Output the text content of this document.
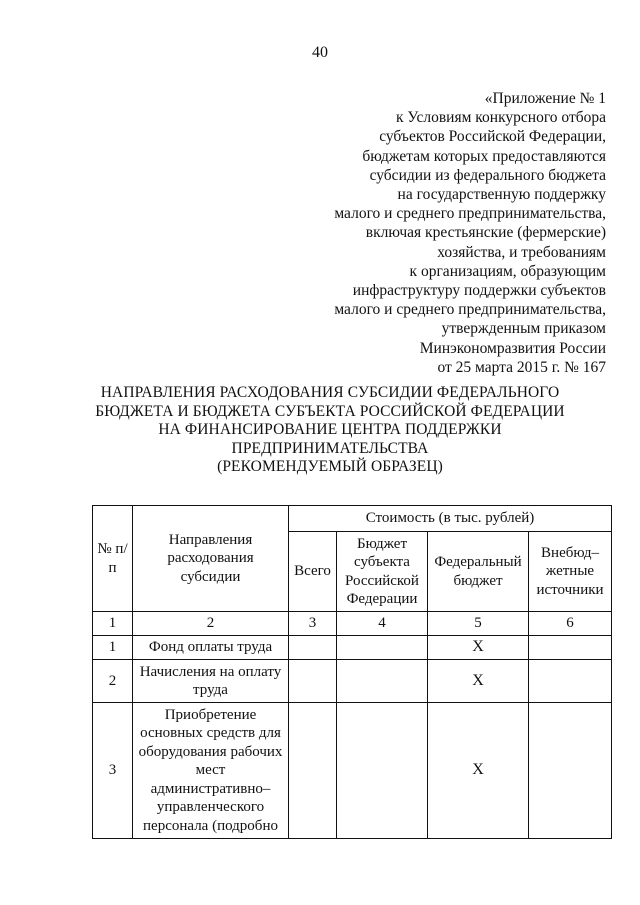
40
«Приложение № 1
к Условиям конкурсного отбора
субъектов Российской Федерации,
бюджетам которых предоставляются
субсидии из федерального бюджета
на государственную поддержку
малого и среднего предпринимательства,
включая крестьянские (фермерские)
хозяйства, и требованиям
к организациям, образующим
инфраструктуру поддержки субъектов
малого и среднего предпринимательства,
утвержденным приказом
Минэкономразвития России
от 25 марта 2015 г. № 167
НАПРАВЛЕНИЯ РАСХОДОВАНИЯ СУБСИДИИ ФЕДЕРАЛЬНОГО
БЮДЖЕТА И БЮДЖЕТА СУБЪЕКТА РОССИЙСКОЙ ФЕДЕРАЦИИ
НА ФИНАНСИРОВАНИЕ ЦЕНТРА ПОДДЕРЖКИ
ПРЕДПРИНИМАТЕЛЬСТВА
(РЕКОМЕНДУЕМЫЙ ОБРАЗЕЦ)
№ п/п	Направления расходования субсидии	Стоимость (в тыс. рублей)			
		Всего	Бюджет субъекта Российской Федерации	Федеральный бюджет	Внебюд–жетные источники
1	2	3	4	5	6
1	Фонд оплаты труда			Х	
2	Начисления на оплату труда			Х	
3	Приобретение основных средств для оборудования рабочих мест административно–управленческого персонала (подробно			Х	
